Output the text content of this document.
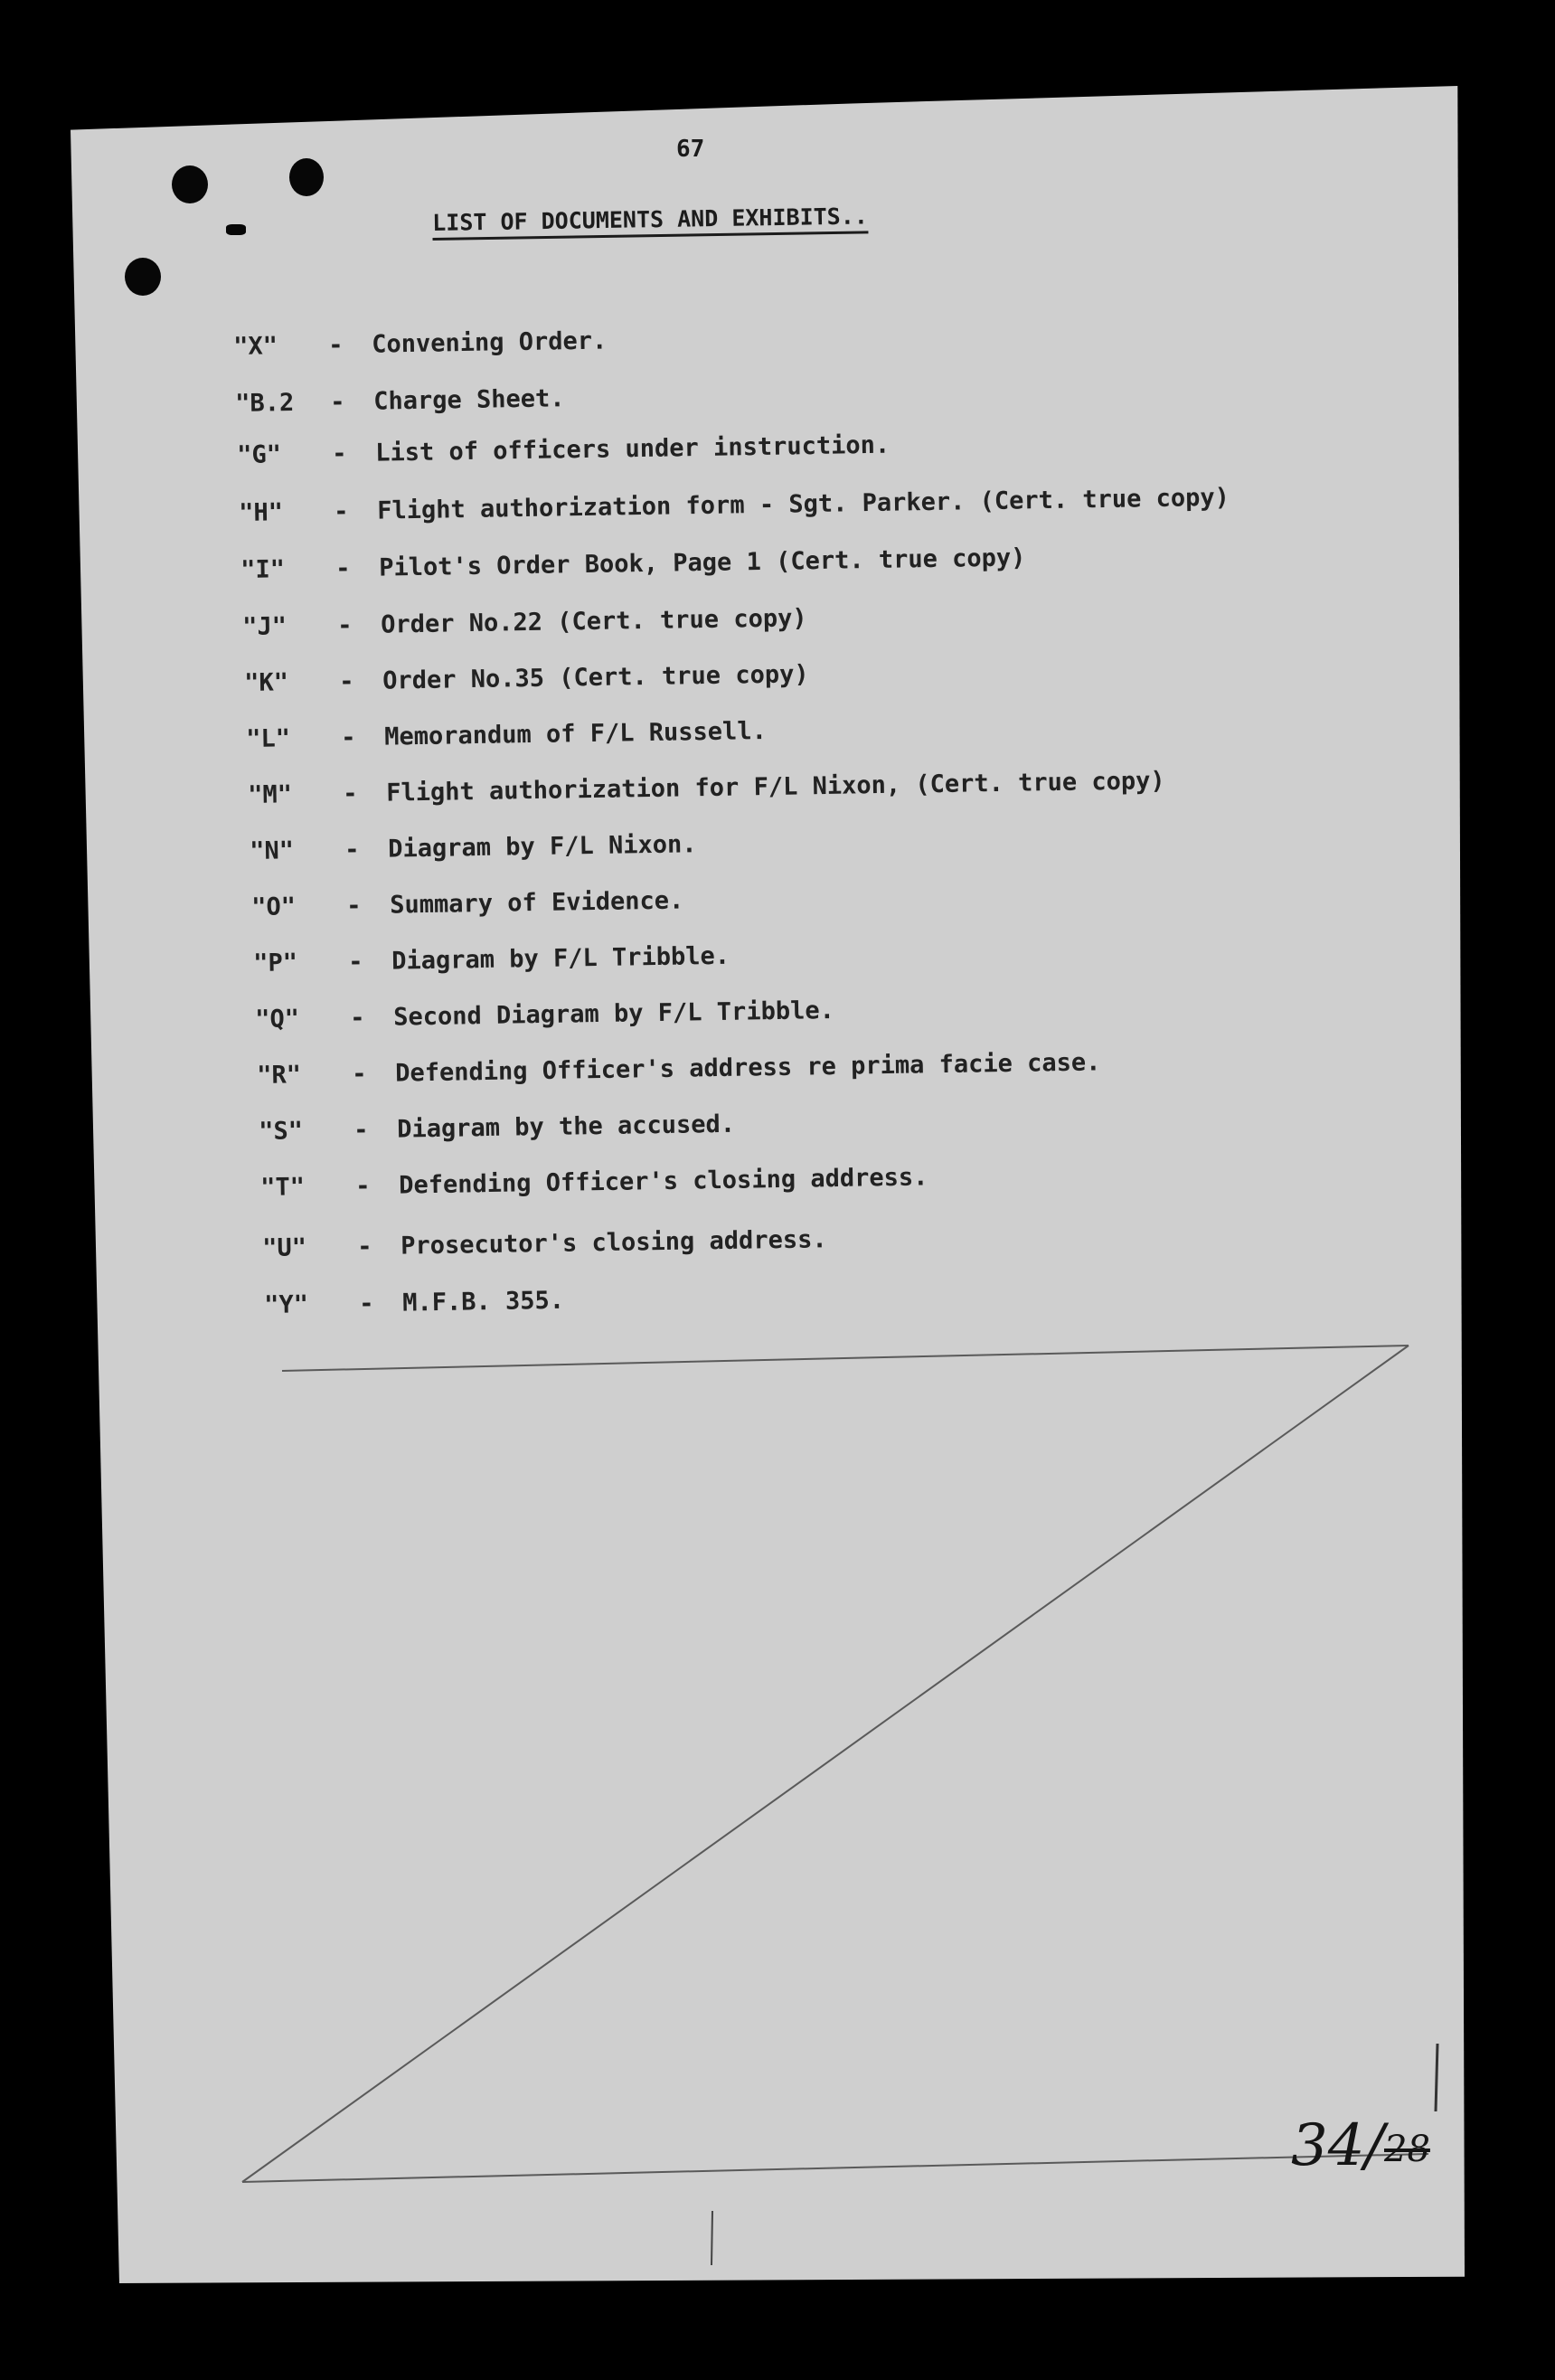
67
LIST OF DOCUMENTS AND EXHIBITS..
"X" - Convening Order.
"B.2 - Charge Sheet.
"G" - List of officers under instruction.
"H" - Flight authorization form - Sgt. Parker. (Cert. true copy)
"I" - Pilot's Order Book, Page 1 (Cert. true copy)
"J" - Order No.22 (Cert. true copy)
"K" - Order No.35 (Cert. true copy)
"L" - Memorandum of F/L Russell.
"M" - Flight authorization for F/L Nixon, (Cert. true copy)
"N" - Diagram by F/L Nixon.
"O" - Summary of Evidence.
"P" - Diagram by F/L Tribble.
"Q" - Second Diagram by F/L Tribble.
"R" - Defending Officer's address re prima facie case.
"S" - Diagram by the accused.
"T" - Defending Officer's closing address.
"U" - Prosecutor's closing address.
"Y" - M.F.B. 355.
34/28
